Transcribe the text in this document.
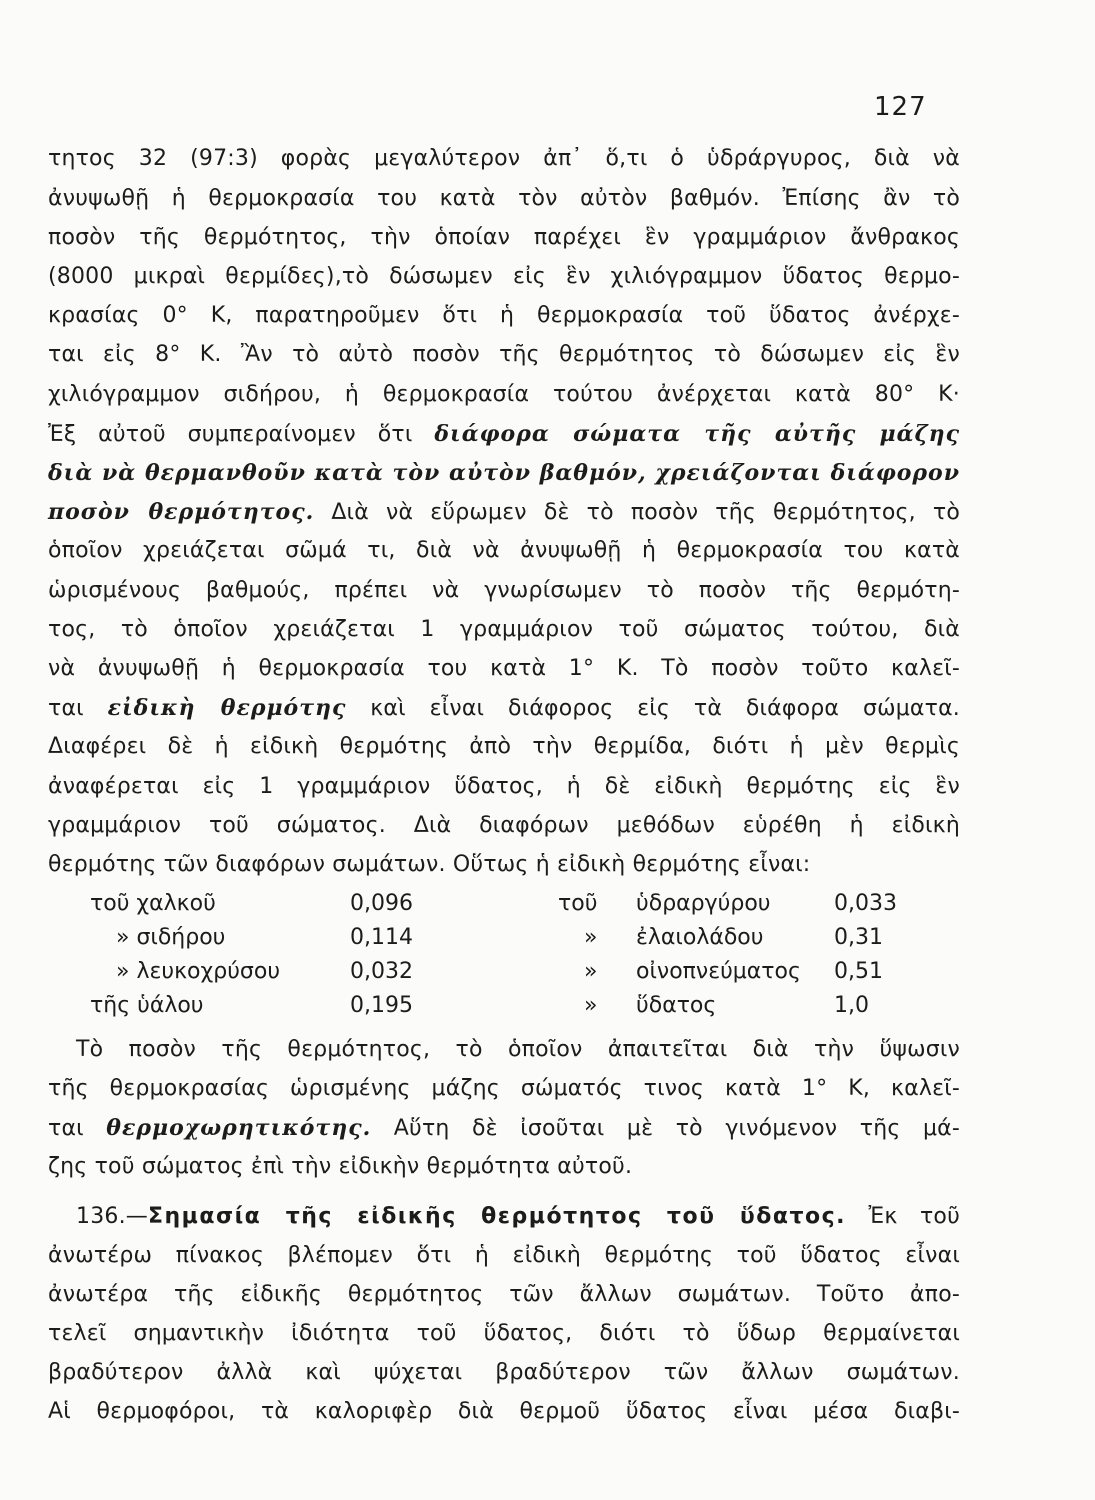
127
τητος 32 (97:3) φορὰς μεγαλύτερον ἀπ᾽ ὅ,τι ὁ ὑδράργυρος, διὰ νὰ
ἀνυψωθῇ ἡ θερμοκρασία του κατὰ τὸν αὐτὸν βαθμόν. Ἐπίσης ἂν τὸ
ποσὸν τῆς θερμότητος, τὴν ὁποίαν παρέχει ἓν γραμμάριον ἄνθρακος
(8000 μικραὶ θερμίδες),τὸ δώσωμεν εἰς ἓν χιλιόγραμμον ὕδατος θερμο-
κρασίας 0° Κ, παρατηροῦμεν ὅτι ἡ θερμοκρασία τοῦ ὕδατος ἀνέρχε-
ται εἰς 8° Κ. Ἂν τὸ αὐτὸ ποσὸν τῆς θερμότητος τὸ δώσωμεν εἰς ἓν
χιλιόγραμμον σιδήρου, ἡ θερμοκρασία τούτου ἀνέρχεται κατὰ 80° Κ·
Ἐξ αὐτοῦ συμπεραίνομεν ὅτι διάφορα σώματα τῆς αὐτῆς μάζης
διὰ νὰ θερμανθοῦν κατὰ τὸν αὐτὸν βαθμόν, χρειάζονται διάφορον
ποσὸν θερμότητος. Διὰ νὰ εὕρωμεν δὲ τὸ ποσὸν τῆς θερμότητος, τὸ
ὁποῖον χρειάζεται σῶμά τι, διὰ νὰ ἀνυψωθῇ ἡ θερμοκρασία του κατὰ
ὡρισμένους βαθμούς, πρέπει νὰ γνωρίσωμεν τὸ ποσὸν τῆς θερμότη-
τος, τὸ ὁποῖον χρειάζεται 1 γραμμάριον τοῦ σώματος τούτου, διὰ
νὰ ἀνυψωθῇ ἡ θερμοκρασία του κατὰ 1° Κ. Τὸ ποσὸν τοῦτο καλεῖ-
ται εἰδικὴ θερμότης καὶ εἶναι διάφορος εἰς τὰ διάφορα σώματα.
Διαφέρει δὲ ἡ εἰδικὴ θερμότης ἀπὸ τὴν θερμίδα, διότι ἡ μὲν θερμὶς
ἀναφέρεται εἰς 1 γραμμάριον ὕδατος, ἡ δὲ εἰδικὴ θερμότης εἰς ἓν
γραμμάριον τοῦ σώματος. Διὰ διαφόρων μεθόδων εὑρέθη ἡ εἰδικὴ
θερμότης τῶν διαφόρων σωμάτων. Οὕτως ἡ εἰδικὴ θερμότης εἶναι:
τοῦ χαλκοῦ	0,096	τοῦ ὑδραργύρου	0,033
» σιδήρου	0,114	» ἐλαιολάδου	0,31
» λευκοχρύσου	0,032	» οἰνοπνεύματος 0,51
τῆς ὑάλου	0,195	» ὕδατος	1,0
Τὸ ποσὸν τῆς θερμότητος, τὸ ὁποῖον ἀπαιτεῖται διὰ τὴν ὕψωσιν
τῆς θερμοκρασίας ὡρισμένης μάζης σώματός τινος κατὰ 1° Κ, καλεῖ-
ται θερμοχωρητικότης. Αὕτη δὲ ἰσοῦται μὲ τὸ γινόμενον τῆς μά-
ζης τοῦ σώματος ἐπὶ τὴν εἰδικὴν θερμότητα αὐτοῦ.
136.—Σημασία τῆς εἰδικῆς θερμότητος τοῦ ὕδατος. Ἐκ τοῦ
ἀνωτέρω πίνακος βλέπομεν ὅτι ἡ εἰδικὴ θερμότης τοῦ ὕδατος εἶναι
ἀνωτέρα τῆς εἰδικῆς θερμότητος τῶν ἄλλων σωμάτων. Τοῦτο ἀπο-
τελεῖ σημαντικὴν ἰδιότητα τοῦ ὕδατος, διότι τὸ ὕδωρ θερμαίνεται
βραδύτερον ἀλλὰ καὶ ψύχεται βραδύτερον τῶν ἄλλων σωμάτων.
Αἱ θερμοφόροι, τὰ καλοριφὲρ διὰ θερμοῦ ὕδατος εἶναι μέσα διαβι-
